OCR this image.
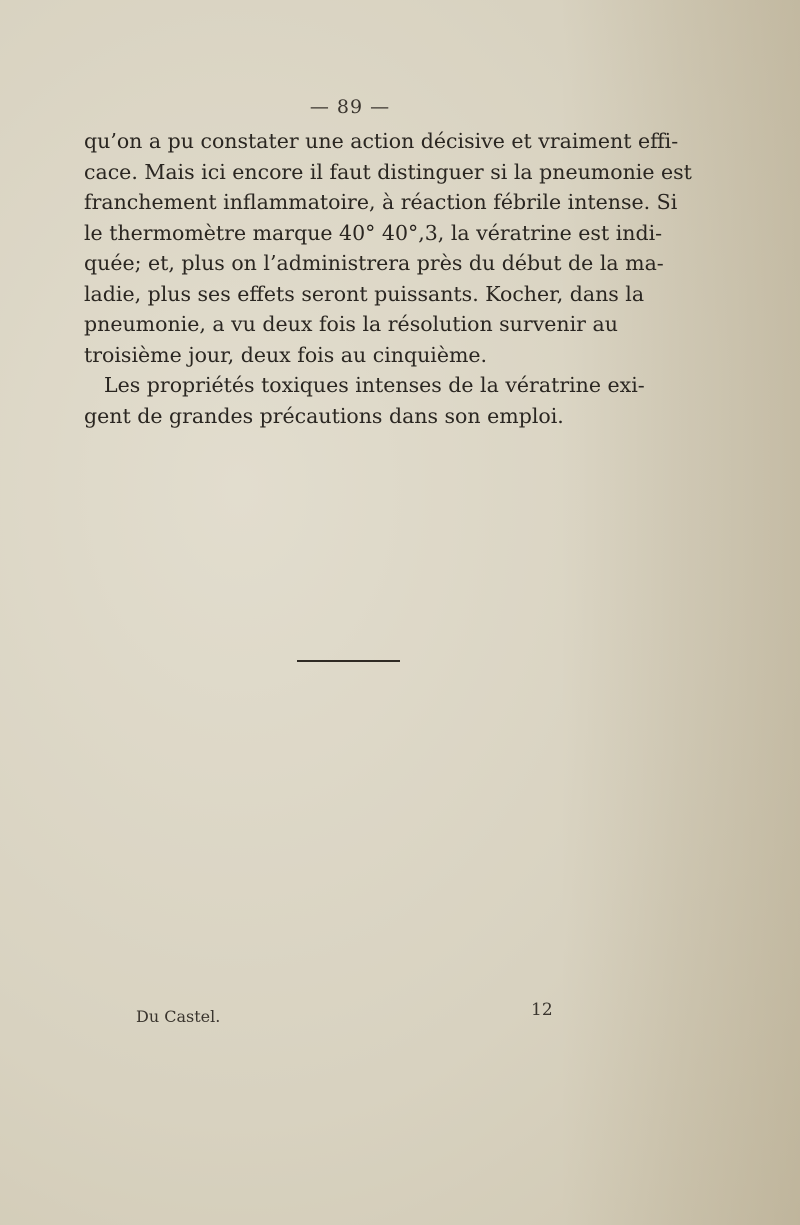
— 89 —
qu’on a pu constater une action décisive et vraiment effi-
cace. Mais ici encore il faut distinguer si la pneumonie est
franchement inflammatoire, à réaction fébrile intense. Si
le thermomètre marque 40° 40°,3, la vératrine est indi-
quée; et, plus on l’administrera près du début de la ma-
ladie, plus ses effets seront puissants. Kocher, dans la
pneumonie, a vu deux fois la résolution survenir au
troisième jour, deux fois au cinquième.
Les propriétés toxiques intenses de la vératrine exi-
gent de grandes précautions dans son emploi.
Du Castel.	12
